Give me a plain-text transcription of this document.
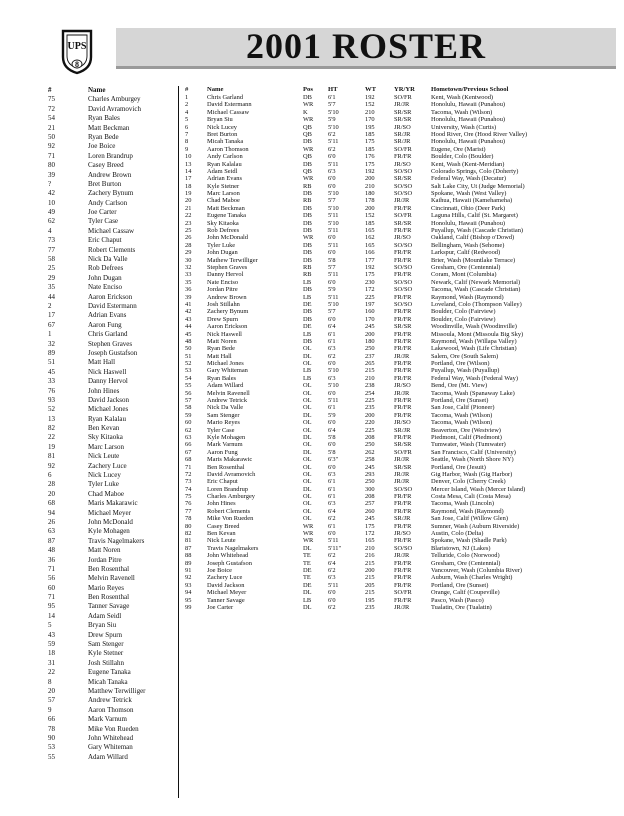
UPS
8	2001 ROSTER
#	Name
75	Charles Amburgey
72	David Avramovich
54	Ryan Bales
21	Matt Beckman
50	Ryan Bede
92	Joe Boice
71	Loren Brandrup
80	Casey Breed
39	Andrew Brown
?	Bret Burton
42	Zachery Bynum
10	Andy Carlson
49	Joe Carter
62	Tyler Case
4	Michael Cassaw
73	Eric Chaput
77	Robert Clements
58	Nick Da Valle
25	Rob Defrees
29	John Dugan
35	Nate Enciso
44	Aaron Erickson
2	David Estermann
17	Adrian Evans
67	Aaron Fung
1	Chris Garland
32	Stephen Graves
89	Joseph Gustafson
51	Matt Hall
45	Nick Haswell
33	Danny Hervol
76	John Hines
93	David Jackson
52	Michael Jones
13	Ryan Kalalau
82	Ben Kevan
22	Sky Kitaoka
19	Marc Larson
81	Nick Leute
92	Zachery Luce
6	Nick Lucey
28	Tyler Luke
20	Chad Maboe
68	Maris Makarawic
94	Michael Meyer
26	John McDonald
63	Kyle Mohagen
87	Travis Nagelmakers
48	Matt Noren
36	Jordan Pitre
71	Ben Rosenthal
56	Melvin Ravenell
60	Mario Reyes
71	Ben Rosenthal
95	Tanner Savage
14	Adam Seidl
5	Bryan Siu
43	Drew Spurn
59	Sam Stenger
18	Kyle Stetner
31	Josh Stillahn
22	Eugene Tanaka
8	Micah Tanaka
20	Matthew Terwilliger
57	Andrew Tetrick
9	Aaron Thomson
66	Mark Varnum
78	Mike Von Rueden
90	John Whitehead
53	Gary Whiteman
55	Adam Willard
#	Name	Pos	HT	WT	YR/YR	Hometown/Previous School
1	Chris Garland	DB	6'1	192	SO/FR	Kent, Wash (Kentwood)
2	David Estermann	WR	5'7	152	JR/JR	Honolulu, Hawaii (Punahou)
4	Michael Cassaw	K	5'10	210	SR/SR	Tacoma, Wash (Wilson)
5	Bryan Siu	WR	5'9	170	SR/SR	Honolulu, Hawaii (Punahou)
6	Nick Lucey	QB	5'10	195	JR/SO	University, Wash (Curtis)
7	Bret Burton	QB	6'2	185	SR/JR	Hood River, Ore (Hood River Valley)
8	Micah Tanaka	DB	5'11	175	SR/JR	Honolulu, Hawaii (Punahou)
9	Aaron Thomson	WR	6'2	185	SO/FR	Eugene, Ore (Marist)
10	Andy Carlson	QB	6'0	176	FR/FR	Boulder, Colo (Boulder)
13	Ryan Kalalau	DB	5'11	175	JR/SO	Kent, Wash (Kent-Meridian)
14	Adam Seidl	QB	6'3	192	SO/SO	Colorado Springs, Colo (Doherty)
17	Adrian Evans	WR	6'0	200	SR/SR	Federal Way, Wash (Decatur)
18	Kyle Stetner	RB	6'0	210	SO/SO	Salt Lake City, Ut (Judge Memorial)
19	Marc Larson	DB	5'10	180	SO/SO	Spokane, Wash (West Valley)
20	Chad Maboe	RB	5'7	178	JR/JR	Kaihua, Hawaii (Kamehameha)
21	Matt Beckman	DB	5'10	200	FR/FR	Cincinnati, Ohio (Deer Park)
22	Eugene Tanaka	DB	5'11	152	SO/FR	Laguna Hills, Calif (St. Margaret)
23	Sky Kitaoka	DB	5'10	185	SR/SR	Honolulu, Hawaii (Punahou)
25	Rob Defrees	DB	5'11	165	FR/FR	Puyallup, Wash (Cascade Christian)
26	John McDonald	WR	6'0	162	JR/SO	Oakland, Calif (Bishop o'Dowd)
28	Tyler Luke	DB	5'11	165	SO/SO	Bellingham, Wash (Sehome)
29	John Dugan	DB	6'0	166	FR/FR	Larkspur, Calif (Redwood)
30	Mathew Terwilliger	DB	5'8	177	FR/FR	Brier, Wash (Mountlake Terrace)
32	Stephen Graves	RB	5'7	192	SO/SO	Gresham, Ore (Centennial)
33	Danny Hervol	RB	5'11	175	FR/FR	Coram, Mont (Columbia)
35	Nate Enciso	LB	6'0	230	SO/SO	Newark, Calif (Newark Memorial)
36	Jordan Pitre	DB	5'9	172	SO/SO	Tacoma, Wash (Cascade Christian)
39	Andrew Brown	LB	5'11	225	FR/FR	Raymond, Wash (Raymond)
41	Josh Stillahn	DE	5'10	197	SO/SO	Loveland, Colo (Thompson Valley)
42	Zachery Bynum	DB	5'7	160	FR/FR	Boulder, Colo (Fairview)
43	Drew Spurn	DB	6'0	170	FR/FR	Boulder, Colo (Fairview)
44	Aaron Erickson	DE	6'4	245	SR/SR	Woodinville, Wash (Woodinville)
45	Nick Haswell	LB	6'1	200	FR/FR	Missoula, Mont (Missoula Big Sky)
48	Matt Noren	DB	6'1	180	FR/FR	Raymond, Wash (Willapa Valley)
50	Ryan Bede	OL	6'3	250	FR/FR	Lakewood, Wash (Life Christian)
51	Matt Hall	DL	6'2	237	JR/JR	Salem, Ore (South Salem)
52	Michael Jones	OL	6'0	265	FR/FR	Portland, Ore (Wilson)
53	Gary Whiteman	LB	5'10	215	FR/FR	Puyallup, Wash (Puyallup)
54	Ryan Bales	LB	6'3	210	FR/FR	Federal Way, Wash (Federal Way)
55	Adam Willard	OL	5'10	238	JR/SO	Bend, Ore (Mt. View)
56	Melvin Ravenell	OL	6'0	254	JR/JR	Tacoma, Wash (Spanaway Lake)
57	Andrew Tetrick	OL	5'11	225	FR/FR	Portland, Ore (Sunset)
58	Nick Da Valle	OL	6'1	235	FR/FR	San Jose, Calif (Pioneer)
59	Sam Stenger	DL	5'9	200	FR/FR	Tacoma, Wash (Wilson)
60	Mario Reyes	OL	6'0	220	JR/SO	Tacoma, Wash (Wilson)
62	Tyler Case	OL	6'4	225	SR/JR	Beaverton, Ore (Westview)
63	Kyle Mohagen	DL	5'8	208	FR/FR	Piedmont, Calif (Piedmont)
66	Mark Varnum	OL	6'0	250	SR/SR	Tumwater, Wash (Tumwater)
67	Aaron Fung	DL	5'8	262	SO/FR	San Francisco, Calif (University)
68	Maris Makarawic	OL	6'3"	258	JR/JR	Seattle, Wash (North Shore NY)
71	Ben Rosenthal	OL	6'0	245	SR/SR	Portland, Ore (Jesuit)
72	David Avramovich	OL	6'3	293	JR/JR	Gig Harbor, Wash (Gig Harbor)
73	Eric Chaput	OL	6'1	250	JR/JR	Denver, Colo (Cherry Creek)
74	Loren Brandrup	DL	6'1	300	SO/SO	Mercer Island, Wash (Mercer Island)
75	Charles Amburgey	OL	6'1	208	FR/FR	Costa Mesa, Cali (Costa Mesa)
76	John Hines	OL	6'3	257	FR/FR	Tacoma, Wash (Lincoln)
77	Robert Clements	OL	6'4	260	FR/FR	Raymond, Wash (Raymond)
78	Mike Von Rueden	OL	6'2	245	SR/JR	San Jose, Calif (Willow Glen)
80	Casey Breed	WR	6'1	175	FR/FR	Sumner, Wash (Auburn Riverside)
82	Ben Kevan	WR	6'0	172	JR/SO	Austin, Colo (Delta)
81	Nick Leute	WR	5'11	165	FR/FR	Spokane, Wash (Shadle Park)
87	Travis Nagelmakers	DL	5'11"	210	SO/SO	Blaristown, NJ (Lakes)
88	John Whitehead	TE	6'2	216	JR/JR	Telluride, Colo (Norwood)
89	Joseph Gustafson	TE	6'4	215	FR/FR	Gresham, Ore (Centennial)
91	Joe Boice	DE	6'2	200	FR/FR	Vancouver, Wash (Columbia River)
92	Zachery Luce	TE	6'3	215	FR/FR	Auburn, Wash (Charles Wright)
93	David Jackson	DE	5'11	205	FR/FR	Portland, Ore (Sunset)
94	Michael Meyer	DL	6'0	215	SO/FR	Orange, Calif (Coupeville)
95	Tanner Savage	LB	6'0	195	FR/FR	Pasco, Wash (Pasco)
99	Joe Carter	DL	6'2	235	JR/JR	Tualatin, Ore (Tualatin)
